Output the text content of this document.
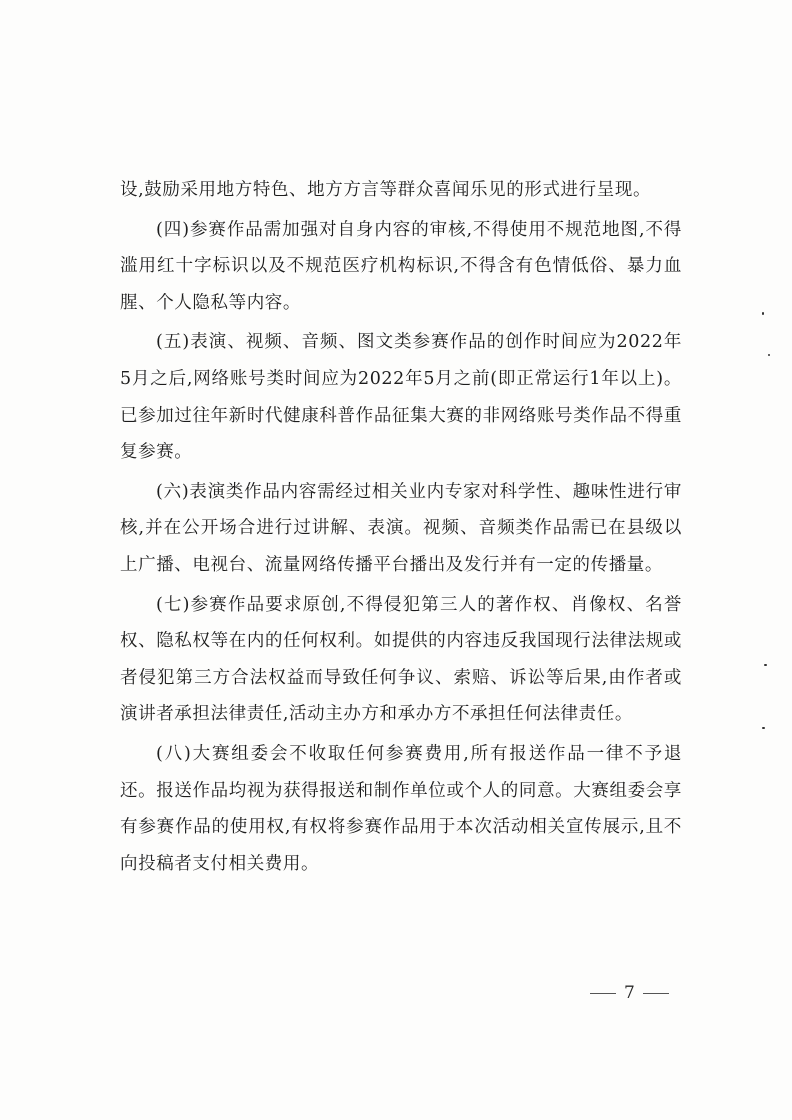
设,鼓励采用地方特色、地方方言等群众喜闻乐见的形式进行呈现。

(四)参赛作品需加强对自身内容的审核,不得使用不规范地图,不得滥用红十字标识以及不规范医疗机构标识,不得含有色情低俗、暴力血腥、个人隐私等内容。

(五)表演、视频、音频、图文类参赛作品的创作时间应为2022年5月之后,网络账号类时间应为2022年5月之前(即正常运行1年以上)。已参加过往年新时代健康科普作品征集大赛的非网络账号类作品不得重复参赛。

(六)表演类作品内容需经过相关业内专家对科学性、趣味性进行审核,并在公开场合进行过讲解、表演。视频、音频类作品需已在县级以上广播、电视台、流量网络传播平台播出及发行并有一定的传播量。

(七)参赛作品要求原创,不得侵犯第三人的著作权、肖像权、名誉权、隐私权等在内的任何权利。如提供的内容违反我国现行法律法规或者侵犯第三方合法权益而导致任何争议、索赔、诉讼等后果,由作者或演讲者承担法律责任,活动主办方和承办方不承担任何法律责任。

(八)大赛组委会不收取任何参赛费用,所有报送作品一律不予退还。报送作品均视为获得报送和制作单位或个人的同意。大赛组委会享有参赛作品的使用权,有权将参赛作品用于本次活动相关宣传展示,且不向投稿者支付相关费用。

7
